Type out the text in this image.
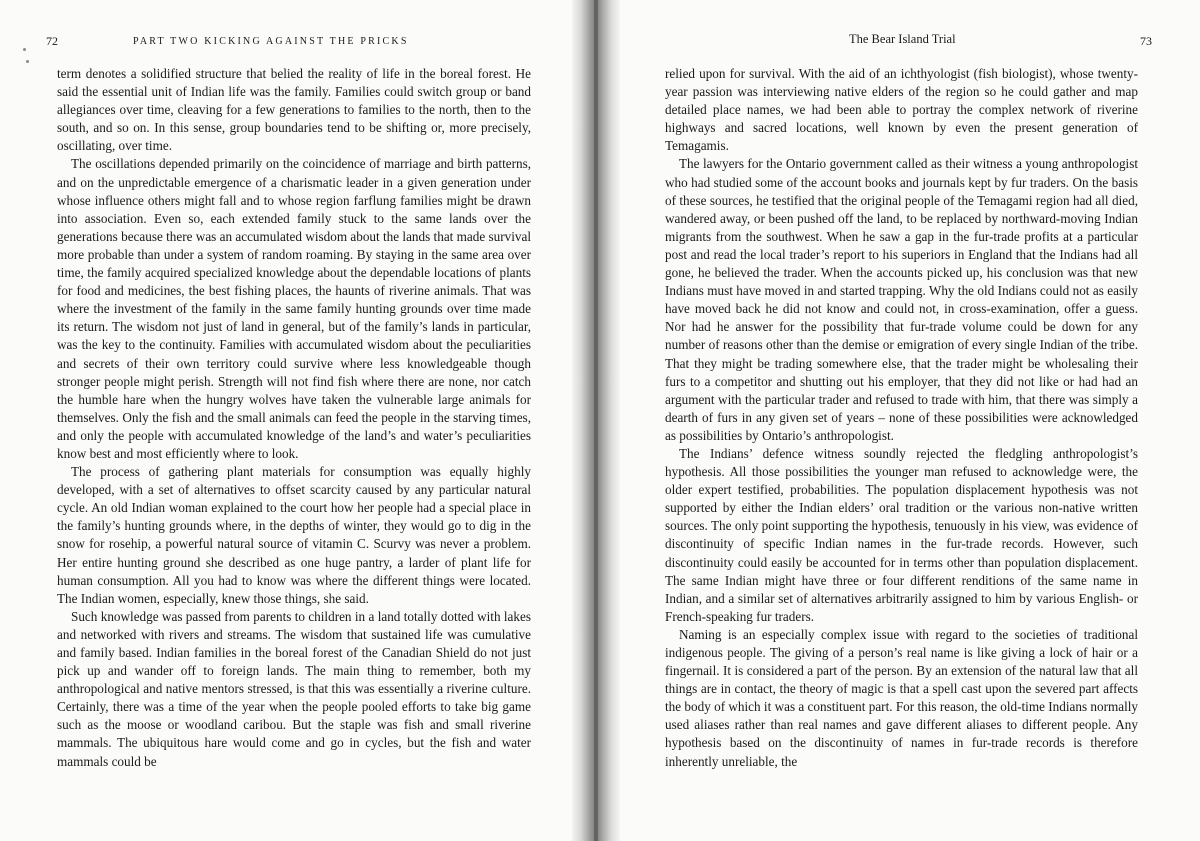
72	PART TWO KICKING AGAINST THE PRICKS

term denotes a solidified structure that belied the reality of life in the boreal forest. He said the essential unit of Indian life was the family. Families could switch group or band allegiances over time, cleaving for a few generations to families to the north, then to the south, and so on. In this sense, group boundaries tend to be shifting or, more precisely, oscillating, over time.

The oscillations depended primarily on the coincidence of marriage and birth patterns, and on the unpredictable emergence of a charismatic leader in a given generation under whose influence others might fall and to whose region farflung families might be drawn into association. Even so, each extended family stuck to the same lands over the generations because there was an accumulated wisdom about the lands that made survival more probable than under a system of random roaming. By staying in the same area over time, the family acquired specialized knowledge about the dependable locations of plants for food and medicines, the best fishing places, the haunts of riverine animals. That was where the investment of the family in the same family hunting grounds over time made its return. The wisdom not just of land in general, but of the family’s lands in particular, was the key to the continuity. Families with accumulated wisdom about the peculiarities and secrets of their own territory could survive where less knowledgeable though stronger people might perish. Strength will not find fish where there are none, nor catch the humble hare when the hungry wolves have taken the vulnerable large animals for themselves. Only the fish and the small animals can feed the people in the starving times, and only the people with accumulated knowledge of the land’s and water’s peculiarities know best and most efficiently where to look.

The process of gathering plant materials for consumption was equally highly developed, with a set of alternatives to offset scarcity caused by any particular natural cycle. An old Indian woman explained to the court how her people had a special place in the family’s hunting grounds where, in the depths of winter, they would go to dig in the snow for rosehip, a powerful natural source of vitamin C. Scurvy was never a problem. Her entire hunting ground she described as one huge pantry, a larder of plant life for human consumption. All you had to know was where the different things were located. The Indian women, especially, knew those things, she said.

Such knowledge was passed from parents to children in a land totally dotted with lakes and networked with rivers and streams. The wisdom that sustained life was cumulative and family based. Indian families in the boreal forest of the Canadian Shield do not just pick up and wander off to foreign lands. The main thing to remember, both my anthropological and native mentors stressed, is that this was essentially a riverine culture. Certainly, there was a time of the year when the people pooled efforts to take big game such as the moose or woodland caribou. But the staple was fish and small riverine mammals. The ubiquitous hare would come and go in cycles, but the fish and water mammals could be

The Bear Island Trial	73

relied upon for survival. With the aid of an ichthyologist (fish biologist), whose twenty-year passion was interviewing native elders of the region so he could gather and map detailed place names, we had been able to portray the complex network of riverine highways and sacred locations, well known by even the present generation of Temagamis.

The lawyers for the Ontario government called as their witness a young anthropologist who had studied some of the account books and journals kept by fur traders. On the basis of these sources, he testified that the original people of the Temagami region had all died, wandered away, or been pushed off the land, to be replaced by northward-moving Indian migrants from the southwest. When he saw a gap in the fur-trade profits at a particular post and read the local trader’s report to his superiors in England that the Indians had all gone, he believed the trader. When the accounts picked up, his conclusion was that new Indians must have moved in and started trapping. Why the old Indians could not as easily have moved back he did not know and could not, in cross-examination, offer a guess. Nor had he answer for the possibility that fur-trade volume could be down for any number of reasons other than the demise or emigration of every single Indian of the tribe. That they might be trading somewhere else, that the trader might be wholesaling their furs to a competitor and shutting out his employer, that they did not like or had had an argument with the particular trader and refused to trade with him, that there was simply a dearth of furs in any given set of years – none of these possibilities were acknowledged as possibilities by Ontario’s anthropologist.

The Indians’ defence witness soundly rejected the fledgling anthropologist’s hypothesis. All those possibilities the younger man refused to acknowledge were, the older expert testified, probabilities. The population displacement hypothesis was not supported by either the Indian elders’ oral tradition or the various non-native written sources. The only point supporting the hypothesis, tenuously in his view, was evidence of discontinuity of specific Indian names in the fur-trade records. However, such discontinuity could easily be accounted for in terms other than population displacement. The same Indian might have three or four different renditions of the same name in Indian, and a similar set of alternatives arbitrarily assigned to him by various English- or French-speaking fur traders.

Naming is an especially complex issue with regard to the societies of traditional indigenous people. The giving of a person’s real name is like giving a lock of hair or a fingernail. It is considered a part of the person. By an extension of the natural law that all things are in contact, the theory of magic is that a spell cast upon the severed part affects the body of which it was a constituent part. For this reason, the old-time Indians normally used aliases rather than real names and gave different aliases to different people. Any hypothesis based on the discontinuity of names in fur-trade records is therefore inherently unreliable, the
